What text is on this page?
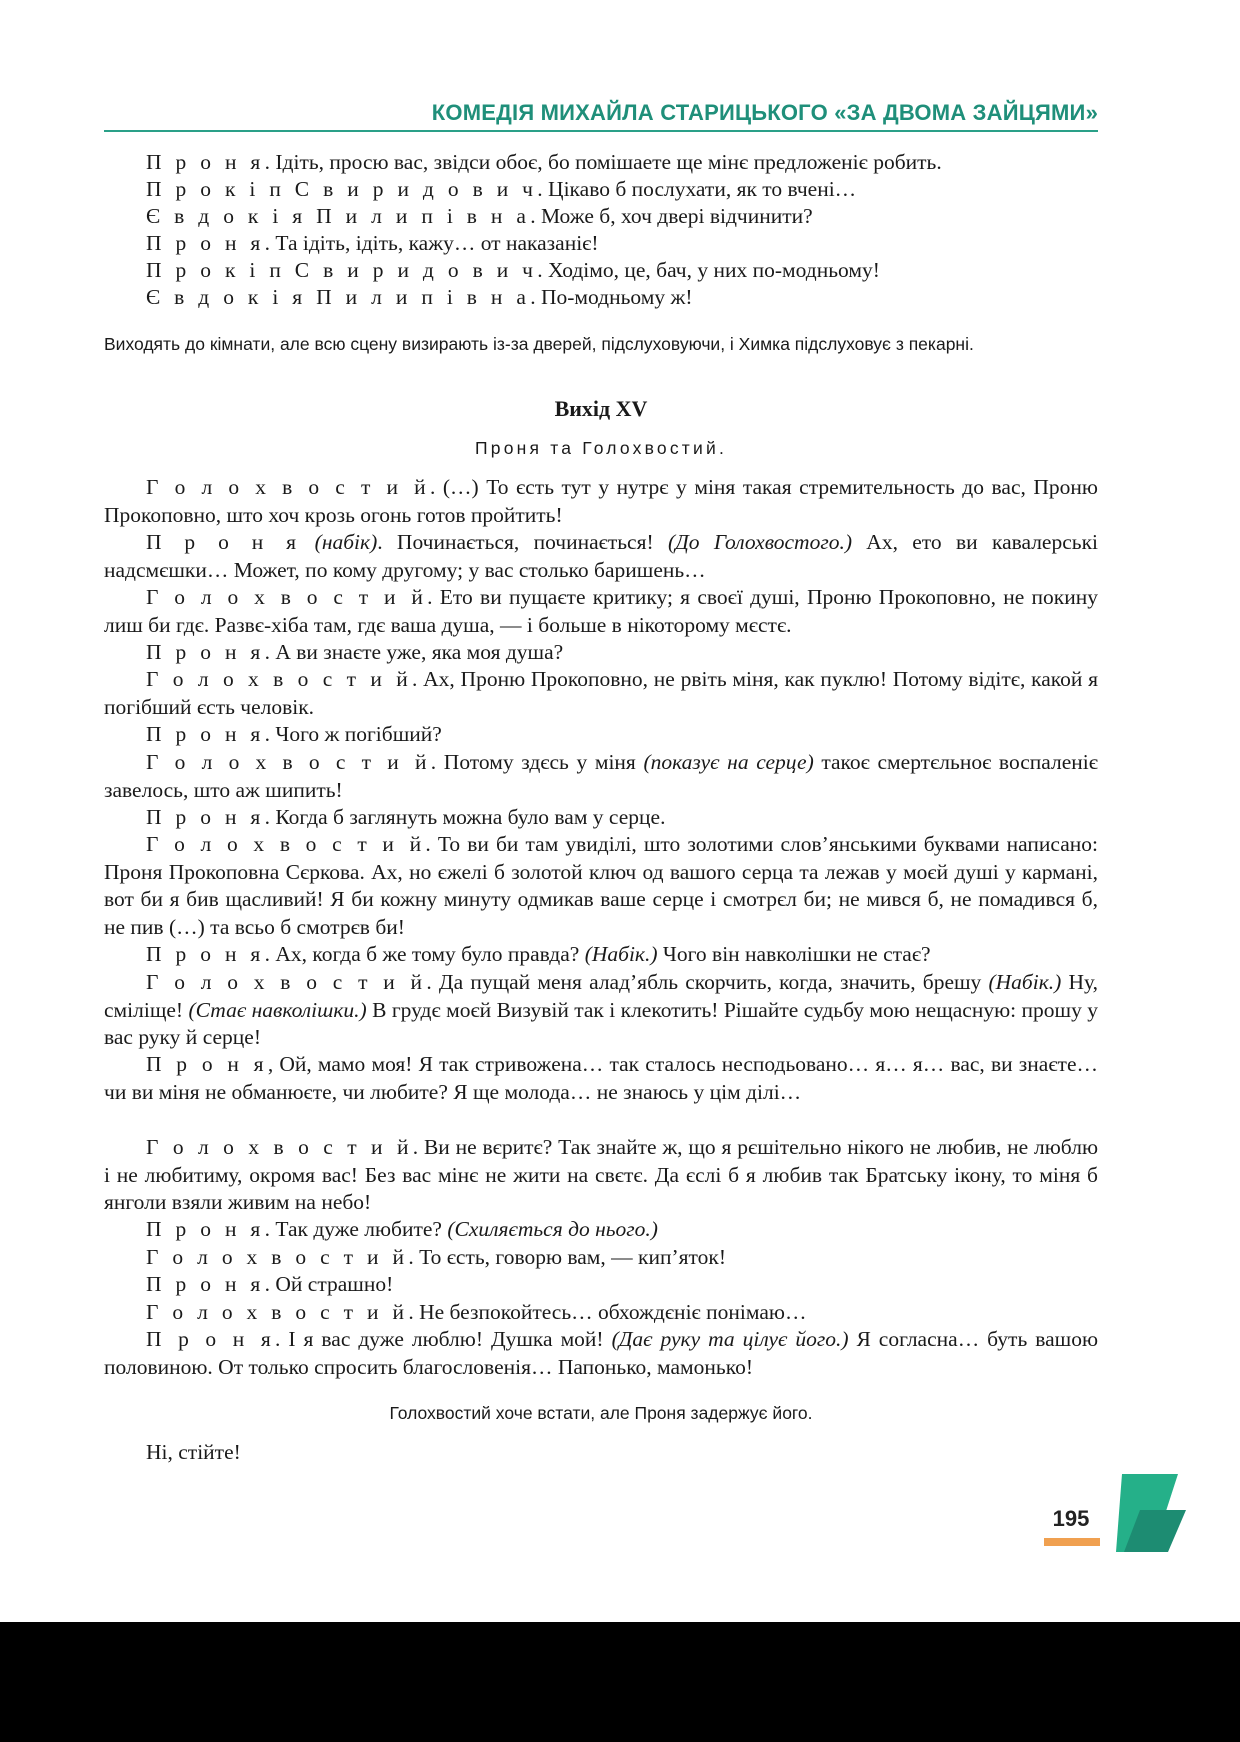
КОМЕДІЯ МИХАЙЛА СТАРИЦЬКОГО «ЗА ДВОМА ЗАЙЦЯМИ»
П р о н я. Ідіть, просю вас, звідси обоє, бо помішаете ще мінє предложеніє робить.
П р о к і п С в и р и д о в и ч. Цікаво б послухати, як то вчені…
Є в д о к і я П и л и п і в н а. Може б, хоч двері відчинити?
П р о н я. Та ідіть, ідіть, кажу… от наказаніє!
П р о к і п С в и р и д о в и ч. Ходімо, це, бач, у них по-модньому!
Є в д о к і я П и л и п і в н а. По-модньому ж!
Виходять до кімнати, але всю сцену визирають із-за дверей, підслуховуючи, і Химка підслуховує з пекарні.
Вихід XV
Проня та Голохвостий.
Г о л о х в о с т и й. (…) То єсть тут у нутрє у міня такая стремительность до вас, Проню Прокоповно, што хоч крозь огонь готов пройтить!
П р о н я (набік). Починається, починається! (До Голохвостого.) Ах, ето ви кавалерські надсмєшки… Может, по кому другому; у вас столько баришень…
Г о л о х в о с т и й. Ето ви пущаєте критику; я своєї душі, Проню Прокоповно, не покину лиш би гдє. Развє-хіба там, гдє ваша душа, — і больше в нікоторому мєстє.
П р о н я. А ви знаєте уже, яка моя душа?
Г о л о х в о с т и й. Ах, Проню Прокоповно, не рвіть міня, как пуклю! Потому відітє, какой я погібший єсть человік.
П р о н я. Чого ж погібший?
Г о л о х в о с т и й. Потому здєсь у міня (показує на серце) такоє смертєльноє воспаленіє завелось, што аж шипить!
П р о н я. Когда б заглянуть можна було вам у серце.
Г о л о х в о с т и й. То ви би там увиділі, што золотими слов’янськими буквами написано: Проня Прокоповна Сєркова. Ах, но єжелі б золотой ключ од вашого серца та лежав у моєй душі у кармані, вот би я бив щасливий! Я би кожну минуту одмикав ваше серце і смотрєл би; не мився б, не помадився б, не пив (…) та всьо б смотрєв би!
П р о н я. Ах, когда б же тому було правда? (Набік.) Чого він навколішки не стає?
Г о л о х в о с т и й. Да пущай меня алад’ябль скорчить, когда, значить, брешу (Набік.) Ну, сміліще! (Стає навколішки.) В грудє моєй Визувій так і клекотить! Рішайте судьбу мою нещасную: прошу у вас руку й серце!
П р о н я, Ой, мамо моя! Я так стривожена… так сталось несподьовано… я… я… вас, ви знаєте… чи ви міня не обманюєте, чи любите? Я ще молода… не знаюсь у цім ділі…
Г о л о х в о с т и й. Ви не вєритє? Так знайте ж, що я рєшітельно нікого не любив, не люблю і не любитиму, окромя вас! Без вас мінє не жити на свєтє. Да єслі б я любив так Братську ікону, то міня б янголи взяли живим на небо!
П р о н я. Так дуже любите? (Схиляється до нього.)
Г о л о х в о с т и й. То єсть, говорю вам, — кип’яток!
П р о н я. Ой страшно!
Г о л о х в о с т и й. Не безпокойтесь… обхождєніє понімаю…
П р о н я. І я вас дуже люблю! Душка мой! (Дає руку та цілує його.) Я согласна… буть вашою половиною. От только спросить благословенія… Папонько, мамонько!
Голохвостий хоче встати, але Проня задержує його.
Ні, стійте!
195
